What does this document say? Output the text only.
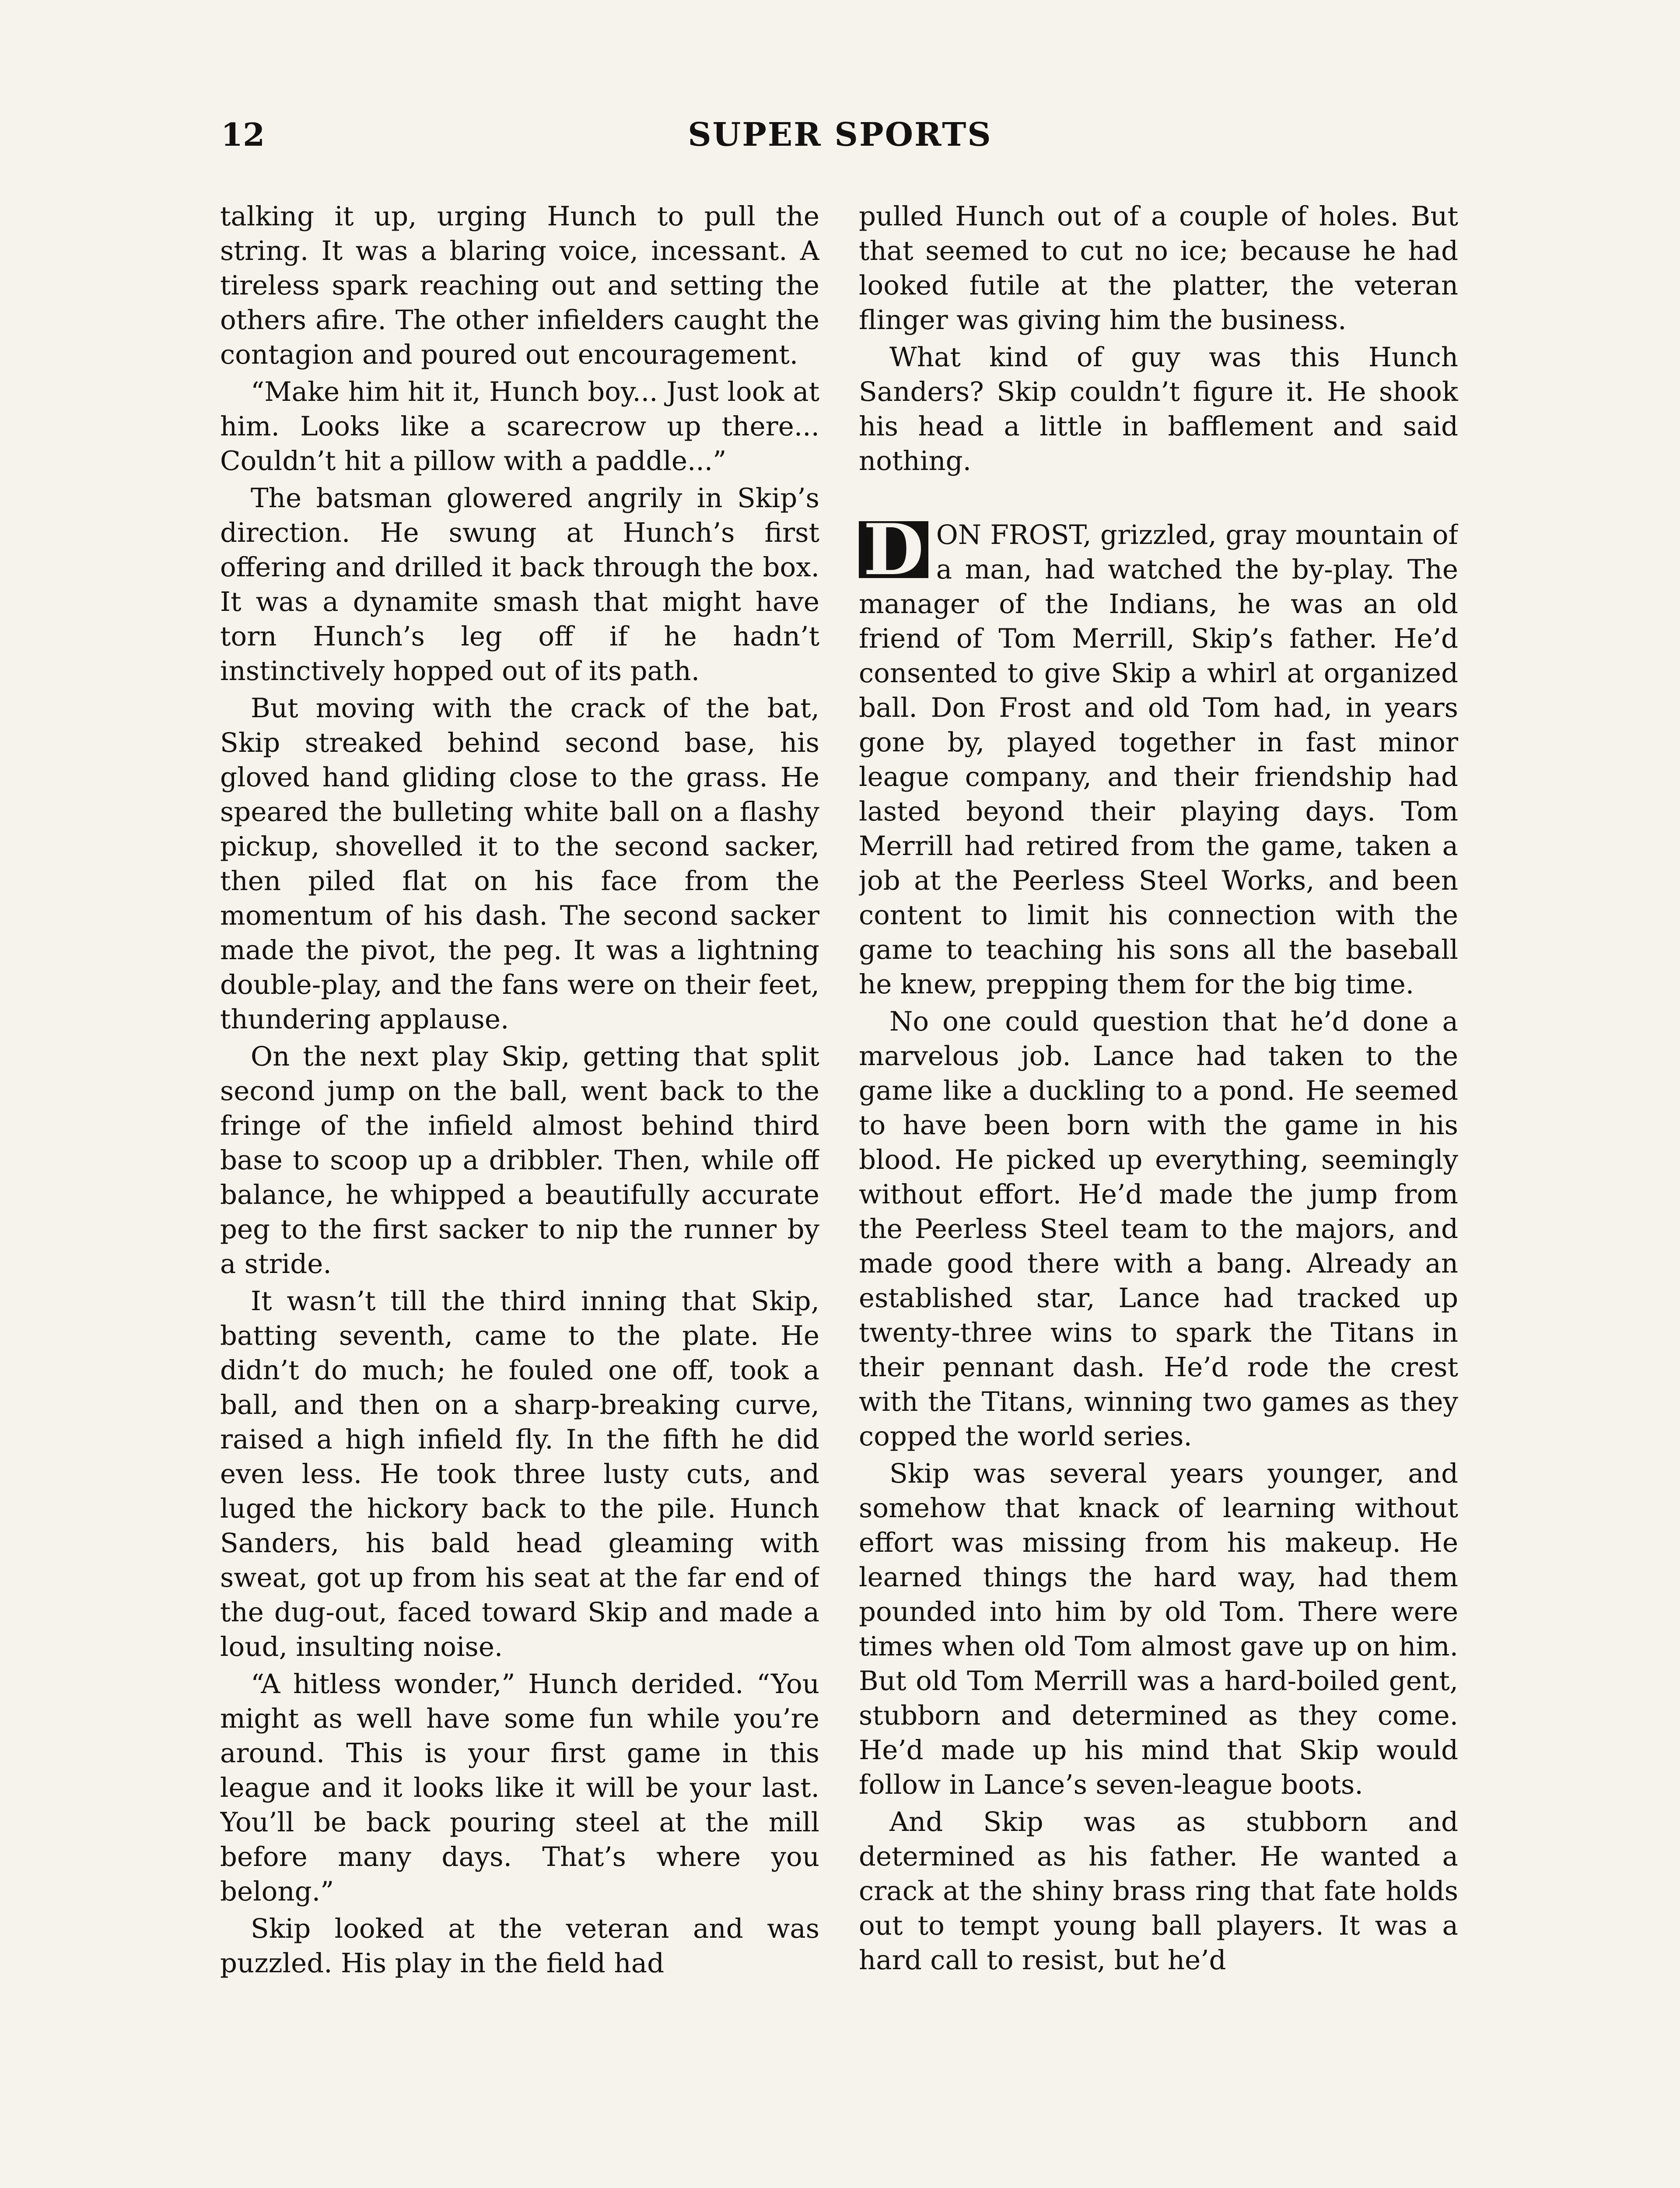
12	SUPER SPORTS

talking it up, urging Hunch to pull the string. It was a blaring voice, incessant. A tireless spark reaching out and setting the others afire. The other infielders caught the contagion and poured out encouragement.

“Make him hit it, Hunch boy... Just look at him. Looks like a scarecrow up there... Couldn’t hit a pillow with a paddle...”

The batsman glowered angrily in Skip’s direction. He swung at Hunch’s first offering and drilled it back through the box. It was a dynamite smash that might have torn Hunch’s leg off if he hadn’t instinctively hopped out of its path.

But moving with the crack of the bat, Skip streaked behind second base, his gloved hand gliding close to the grass. He speared the bulleting white ball on a flashy pickup, shovelled it to the second sacker, then piled flat on his face from the momentum of his dash. The second sacker made the pivot, the peg. It was a lightning double-play, and the fans were on their feet, thundering applause.

On the next play Skip, getting that split second jump on the ball, went back to the fringe of the infield almost behind third base to scoop up a dribbler. Then, while off balance, he whipped a beautifully accurate peg to the first sacker to nip the runner by a stride.

It wasn’t till the third inning that Skip, batting seventh, came to the plate. He didn’t do much; he fouled one off, took a ball, and then on a sharp-breaking curve, raised a high infield fly. In the fifth he did even less. He took three lusty cuts, and luged the hickory back to the pile. Hunch Sanders, his bald head gleaming with sweat, got up from his seat at the far end of the dug-out, faced toward Skip and made a loud, insulting noise.

“A hitless wonder,” Hunch derided. “You might as well have some fun while you’re around. This is your first game in this league and it looks like it will be your last. You’ll be back pouring steel at the mill before many days. That’s where you belong.”

Skip looked at the veteran and was puzzled. His play in the field had

pulled Hunch out of a couple of holes. But that seemed to cut no ice; because he had looked futile at the platter, the veteran flinger was giving him the business.

What kind of guy was this Hunch Sanders? Skip couldn’t figure it. He shook his head a little in bafflement and said nothing.

D ON FROST, grizzled, gray mountain of a man, had watched the by-play. The manager of the Indians, he was an old friend of Tom Merrill, Skip’s father. He’d consented to give Skip a whirl at organized ball. Don Frost and old Tom had, in years gone by, played together in fast minor league company, and their friendship had lasted beyond their playing days. Tom Merrill had retired from the game, taken a job at the Peerless Steel Works, and been content to limit his connection with the game to teaching his sons all the baseball he knew, prepping them for the big time.

No one could question that he’d done a marvelous job. Lance had taken to the game like a duckling to a pond. He seemed to have been born with the game in his blood. He picked up everything, seemingly without effort. He’d made the jump from the Peerless Steel team to the majors, and made good there with a bang. Already an established star, Lance had tracked up twenty-three wins to spark the Titans in their pennant dash. He’d rode the crest with the Titans, winning two games as they copped the world series.

Skip was several years younger, and somehow that knack of learning without effort was missing from his makeup. He learned things the hard way, had them pounded into him by old Tom. There were times when old Tom almost gave up on him. But old Tom Merrill was a hard-boiled gent, stubborn and determined as they come. He’d made up his mind that Skip would follow in Lance’s seven-league boots.

And Skip was as stubborn and determined as his father. He wanted a crack at the shiny brass ring that fate holds out to tempt young ball players. It was a hard call to resist, but he’d
